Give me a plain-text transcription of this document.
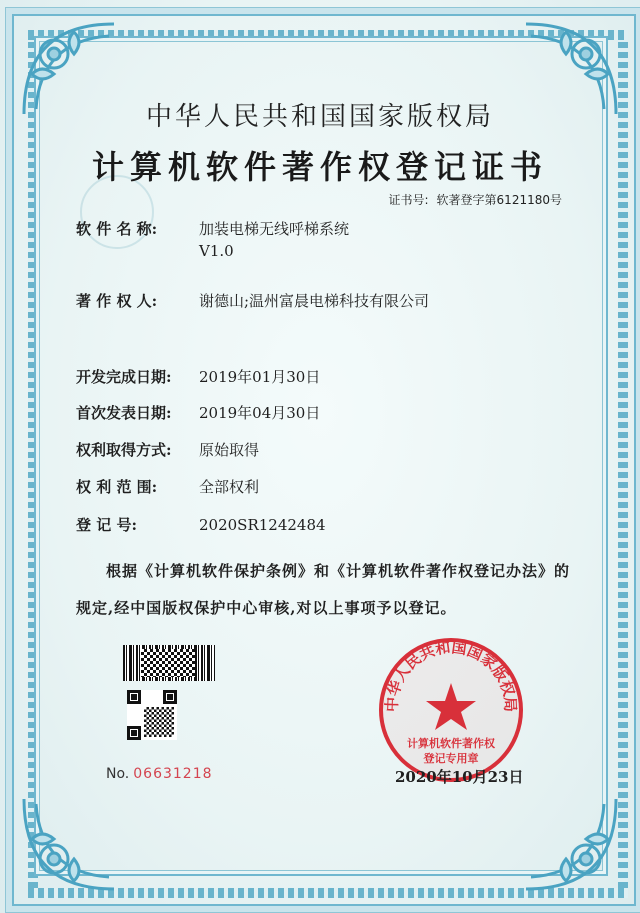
中华人民共和国国家版权局
计算机软件著作权登记证书
证书号: 软著登字第6121180号
软 件 名 称:	加装电梯无线呼梯系统
V1.0
著 作 权 人:	谢德山;温州富晨电梯科技有限公司
开发完成日期:	2019年01月30日
首次发表日期:	2019年04月30日
权利取得方式:	原始取得
权 利 范 围:	全部权利
登 记 号:	2020SR1242484
根据《计算机软件保护条例》和《计算机软件著作权登记办法》的
规定,经中国版权保护中心审核,对以上事项予以登记。
No. 06631218
中华人民共和国国家版权局
计算机软件著作权
登记专用章
2020年10月23日
